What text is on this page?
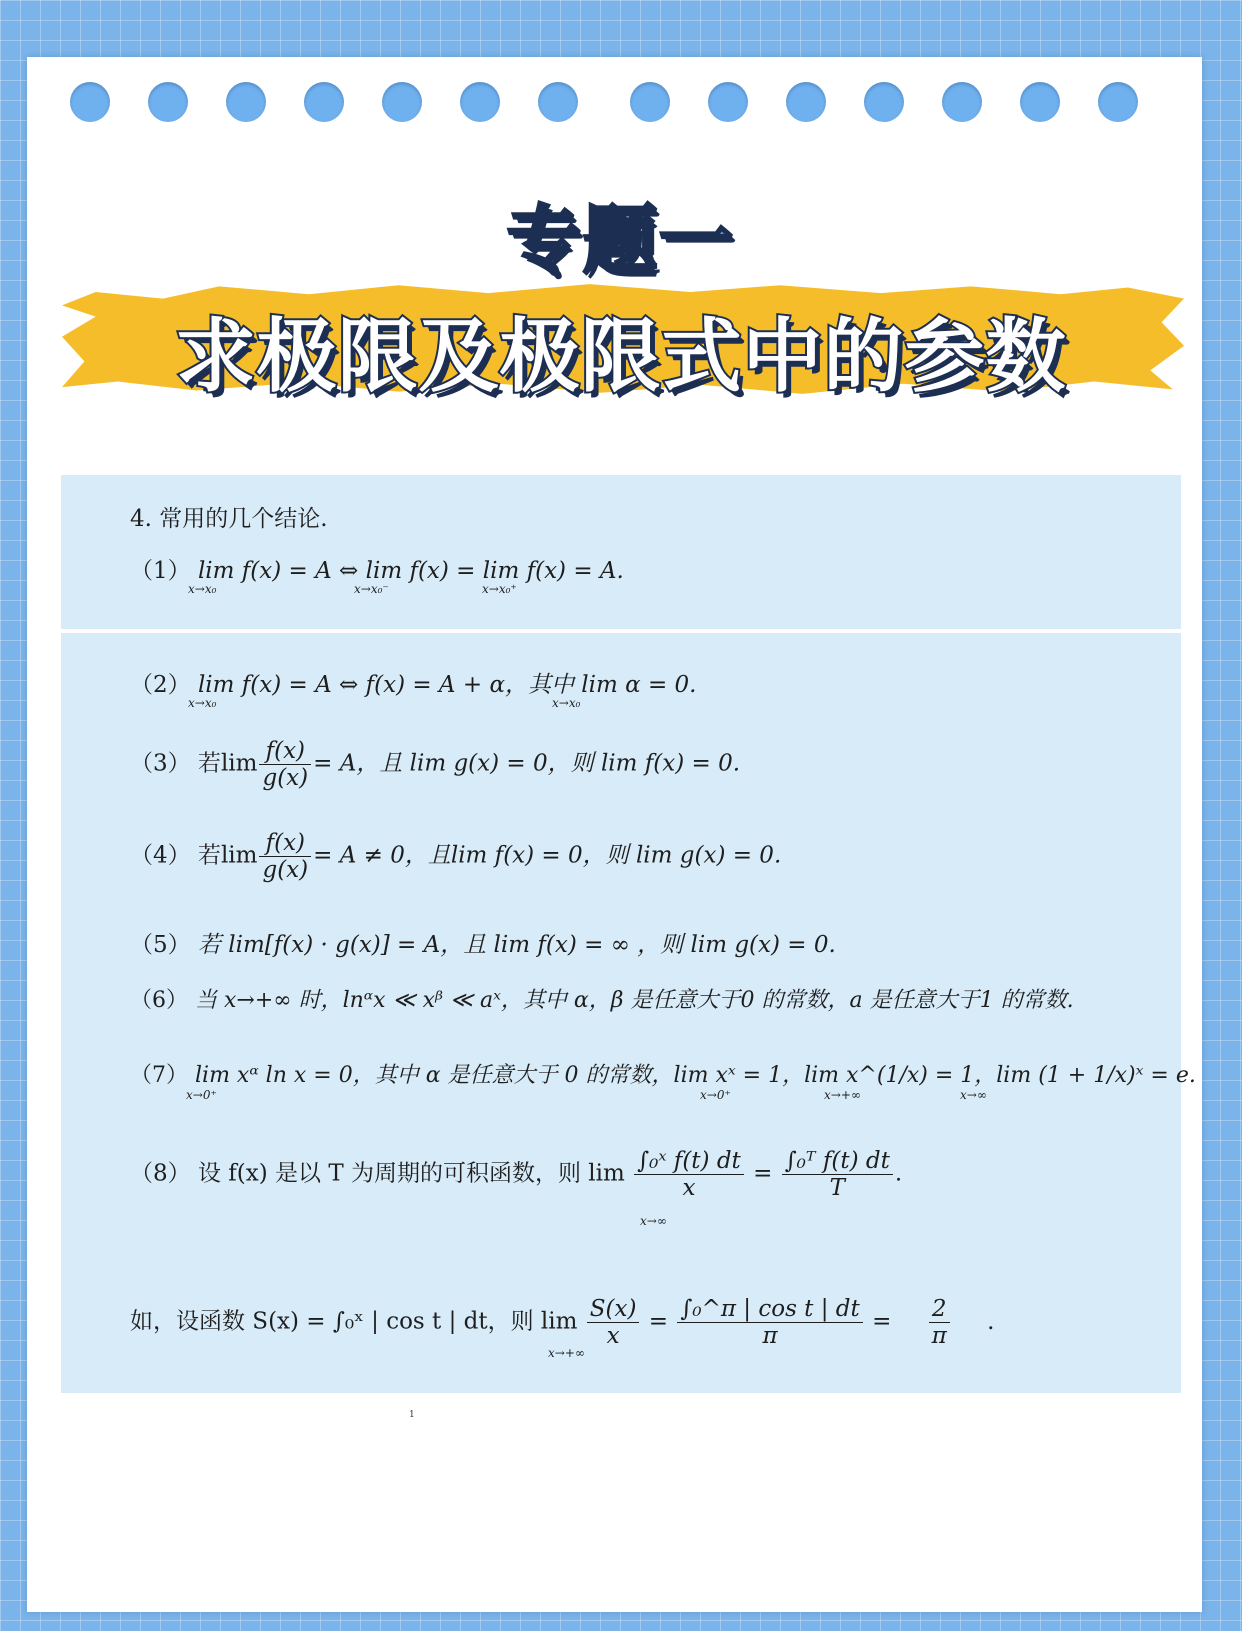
专题一
求极限及极限式中的参数
4. 常用的几个结论.
（1） lim f(x) = A ⇔ lim f(x) = lim f(x) = A.
x→x₀	x→x₀⁻	x→x₀⁺
（2） lim f(x) = A ⇔ f(x) = A + α，其中 lim α = 0.
x→x₀	x→x₀
（3） 若$\lim \frac{f(x)}{g(x)} = A$，且 lim g(x) = 0，则 lim f(x) = 0.
（4） 若$\lim \frac{f(x)}{g(x)} = A \ne 0$，且lim f(x) = 0，则 lim g(x) = 0.
（5） 若 lim[f(x) · g(x)] = A，且 lim f(x) = ∞ ，则 lim g(x) = 0.
（6） 当 x→+∞ 时，lnᵅx ≪ xᵝ ≪ aˣ，其中 α，β 是任意大于0 的常数，a 是任意大于1 的常数.
（7） lim xᵅ ln x = 0，其中 α 是任意大于 0 的常数，lim xˣ = 1，lim x^(1/x) = 1，lim (1 + 1/x)ˣ = e.
x→0⁺	x→0⁺	x→+∞	x→∞
（8） 设 f(x) 是以 T 为周期的可积函数，则 $\lim \frac{\text{∫₀ˣ f(t) dt}}{x} = \frac{\text{∫₀ᵀ f(t) dt}}{T}$ .
x→∞
如，设函数 S(x) = ∫₀ˣ | cos t | dt，则 $\lim \frac{S(x)}{x} = \frac{\text{∫₀\textasciicircum{}π | cos t | dt}}{\pi} = \frac{2}{\pi}$ .
x→+∞
1
